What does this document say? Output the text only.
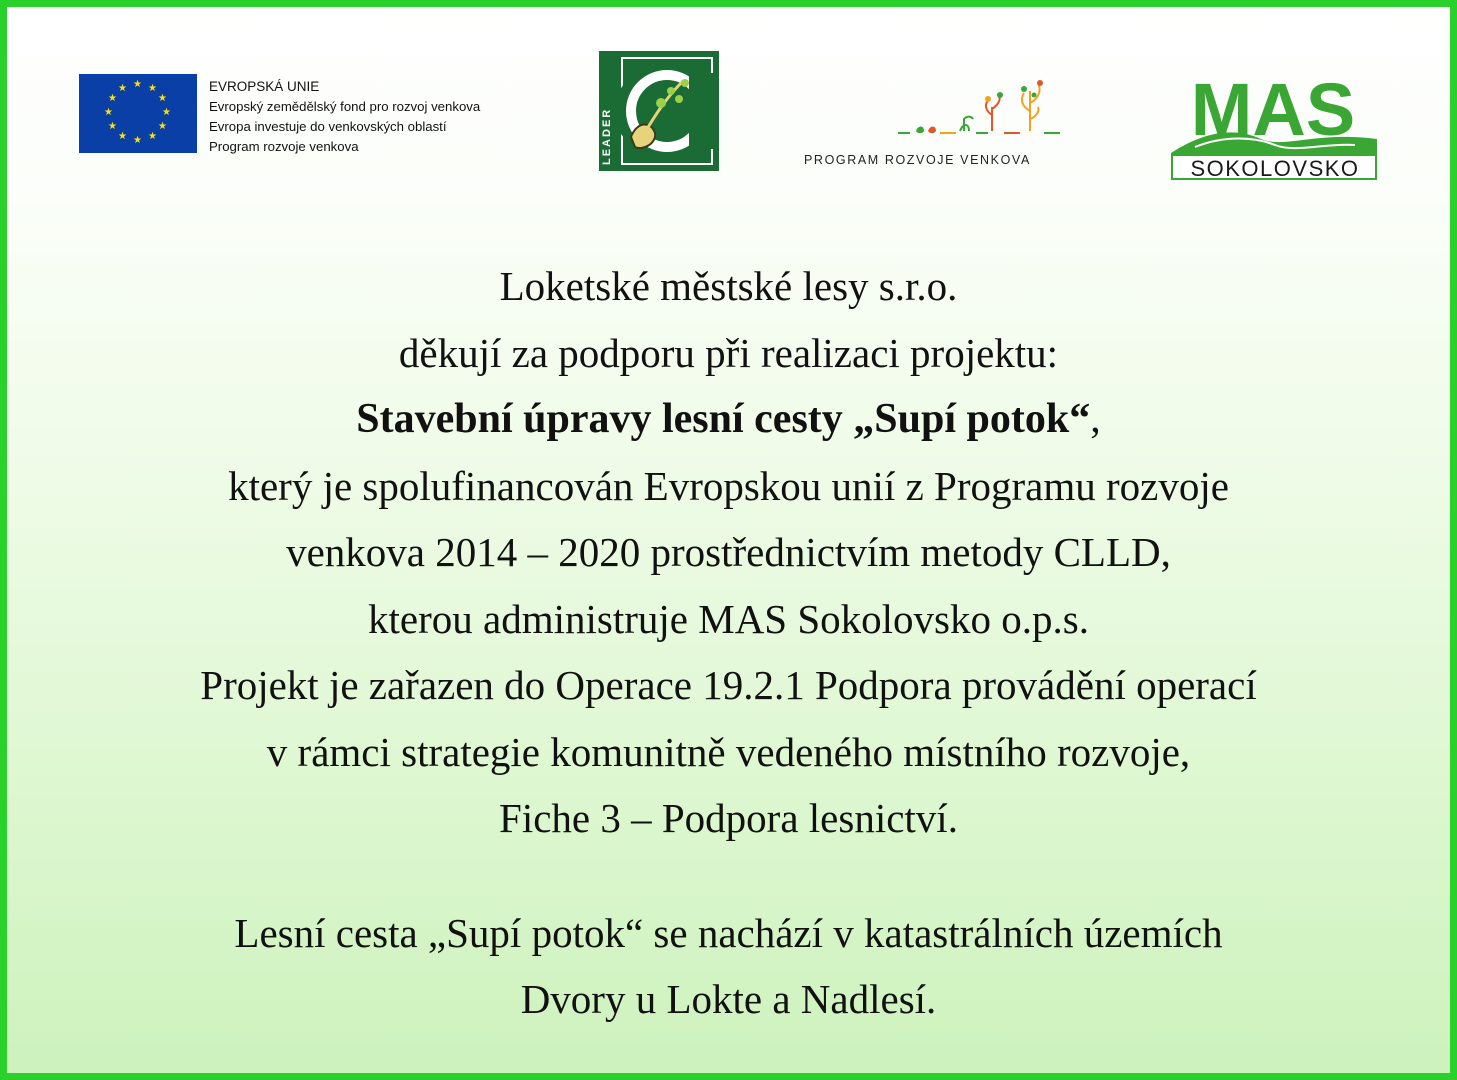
★ ★
★
★
★
★
★
★
★
★
★
★	EVROPSKÁ UNIE
Evropský zemědělský fond pro rozvoj venkova
Evropa investuje do venkovských oblastí
Program rozvoje venkova	LEADER	PROGRAM ROZVOJE VENKOVA
MAS
SOKOLOVSKO
Loketské městské lesy s.r.o.
děkují za podporu při realizaci projektu:
Stavební úpravy lesní cesty „Supí potok“,
který je spolufinancován Evropskou unií z Programu rozvoje
venkova 2014 – 2020 prostřednictvím metody CLLD,
kterou administruje MAS Sokolovsko o.p.s.
Projekt je zařazen do Operace 19.2.1 Podpora provádění operací
v rámci strategie komunitně vedeného místního rozvoje,
Fiche 3 – Podpora lesnictví.
Lesní cesta „Supí potok“ se nachází v katastrálních územích
Dvory u Lokte a Nadlesí.
